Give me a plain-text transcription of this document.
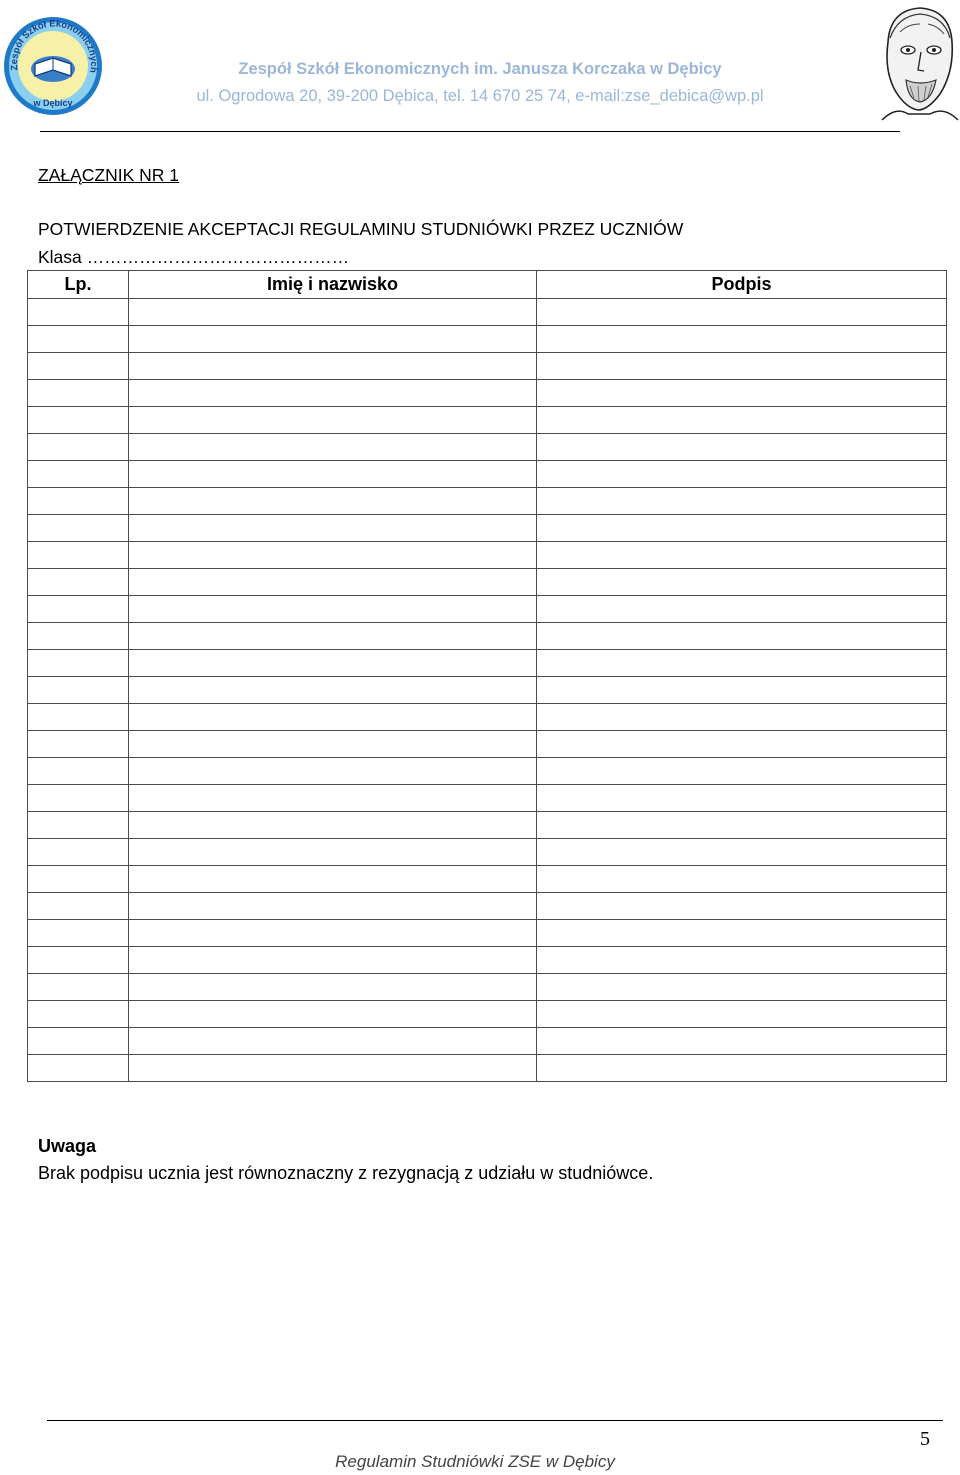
Zespół Szkół Ekonomicznych
w Dębicy
Zespół Szkół Ekonomicznych im. Janusza Korczaka w Dębicy
ul. Ogrodowa 20, 39-200 Dębica, tel. 14 670 25 74, e-mail:zse_debica@wp.pl
ZAŁĄCZNIK NR 1
POTWIERDZENIE AKCEPTACJI REGULAMINU STUDNIÓWKI PRZEZ UCZNIÓW
Klasa ………………………………………
Lp.	Imię i nazwisko	Podpis

Uwaga
Brak podpisu ucznia jest równoznaczny z rezygnacją z udziału w studniówce.
5
Regulamin Studniówki ZSE w Dębicy
